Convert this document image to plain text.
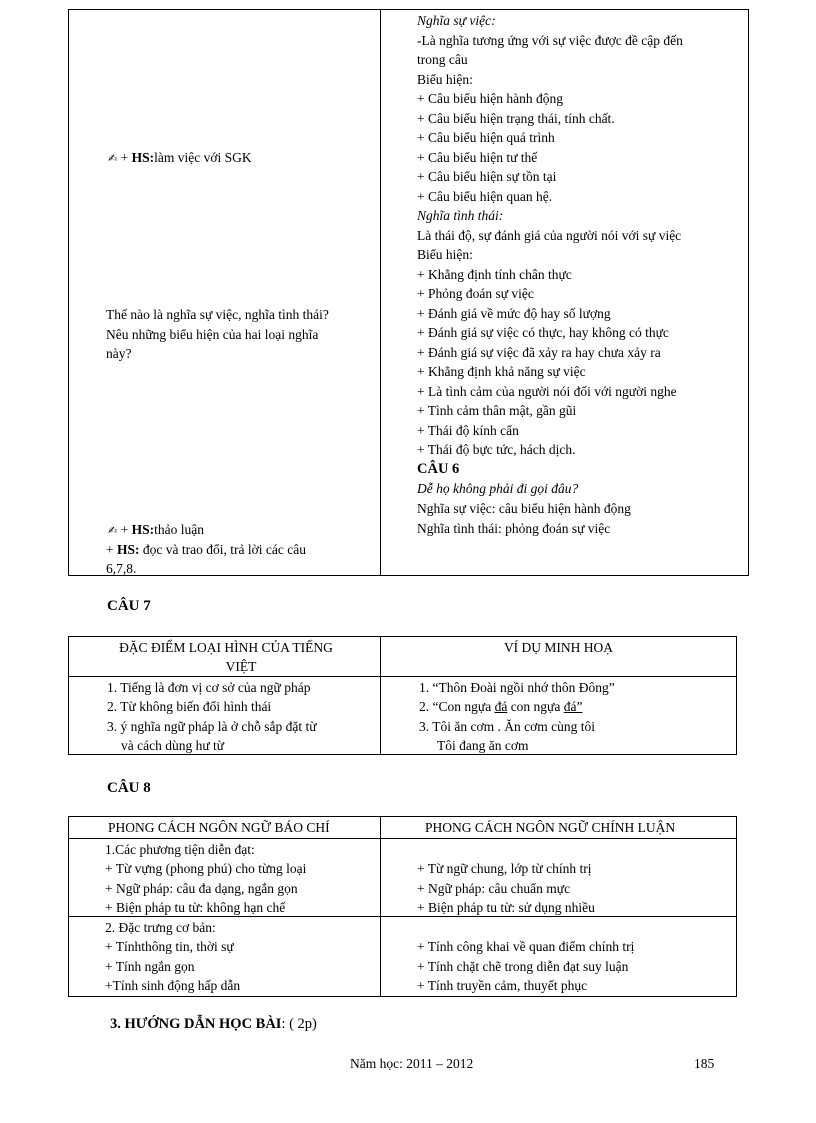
✍ + HS:làm việc với SGK
Thế nào là nghĩa sự việc, nghĩa tình thái?
Nêu những biểu hiện của hai loại nghĩa
này?
✍ + HS:thảo luận
+ HS: đọc và trao đổi, trả lời các câu
6,7,8.
Nghĩa sự việc:
-Là nghĩa tương ứng với sự việc được đề cập đến
trong câu
Biểu hiện:
+ Câu biểu hiện hành động
+ Câu biểu hiện trạng thái, tính chất.
+ Câu biểu hiện quá trình
+ Câu biểu hiện tư thế
+ Câu biểu hiện sự tồn tại
+ Câu biểu hiện quan hệ.
Nghĩa tình thái:
Là thái độ, sự đánh giá của người nói với sự việc
Biểu hiện:
+ Khẳng định tính chân thực
+ Phỏng đoán sự việc
+ Đánh giá về mức độ hay số lượng
+ Đánh giá sự việc có thực, hay không có thực
+ Đánh giá sự việc đã xảy ra hay chưa xảy ra
+ Khẳng định khả năng sự việc
+ Là tình cảm của người nói đối với người nghe
+ Tình cảm thân mật, gần gũi
+ Thái độ kính cẩn
+ Thái độ bực tức, hách dịch.
CÂU 6
Dễ họ không phải đi gọi đâu?
Nghĩa sự việc: câu biểu hiện hành động
Nghĩa tình thái: phỏng đoán sự việc
CÂU 7
ĐẶC ĐIỂM LOẠI HÌNH CỦA TIẾNG
VIỆT
VÍ DỤ MINH HOẠ
1. Tiếng là đơn vị cơ sở của ngữ pháp
2. Từ không biến đổi hình thái
3. ý nghĩa ngữ pháp là ở chỗ sắp đặt từ
và cách dùng hư từ
1. “Thôn Đoài ngồi nhớ thôn Đông”
2. “Con ngựa đá con ngựa đá”
3. Tôi ăn cơm . Ăn cơm cùng tôi
Tôi đang ăn cơm
CÂU 8
PHONG CÁCH NGÔN NGỮ BÁO CHÍ	PHONG CÁCH NGÔN NGỮ CHÍNH LUẬN
1.Các phương tiện diễn đạt:
+ Từ vựng (phong phú) cho từng loại
+ Ngữ pháp: câu đa dạng, ngắn gọn
+ Biện pháp tu từ: không hạn chế
+ Từ ngữ chung, lớp từ chính trị
+ Ngữ pháp: câu chuẩn mực
+ Biện pháp tu từ: sử dụng nhiều
2. Đặc trưng cơ bản:
+ Tínhthông tin, thời sự
+ Tính ngắn gọn
+Tính sinh động hấp dẫn
+ Tính công khai về quan điểm chính trị
+ Tính chặt chẽ trong diễn đạt suy luận
+ Tính truyền cảm, thuyết phục
3. HƯỚNG DẪN HỌC BÀI: ( 2p)
Năm học: 2011 – 2012	185
